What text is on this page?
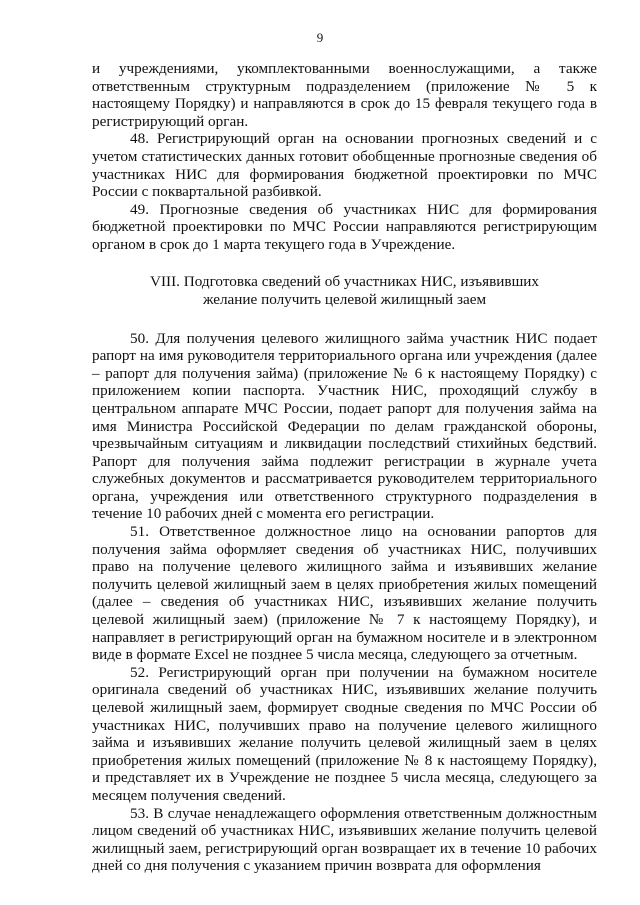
9

и учреждениями, укомплектованными военнослужащими, а также ответственным структурным подразделением (приложение № 5 к настоящему Порядку) и направляются в срок до 15 февраля текущего года в регистрирующий орган.

48. Регистрирующий орган на основании прогнозных сведений и с учетом статистических данных готовит обобщенные прогнозные сведения об участниках НИС для формирования бюджетной проектировки по МЧС России с поквартальной разбивкой.

49. Прогнозные сведения об участниках НИС для формирования бюджетной проектировки по МЧС России направляются регистрирующим органом в срок до 1 марта текущего года в Учреждение.

VIII. Подготовка сведений об участниках НИС, изъявивших
желание получить целевой жилищный заем

50. Для получения целевого жилищного займа участник НИС подает рапорт на имя руководителя территориального органа или учреждения (далее – рапорт для получения займа) (приложение № 6 к настоящему Порядку) с приложением копии паспорта. Участник НИС, проходящий службу в центральном аппарате МЧС России, подает рапорт для получения займа на имя Министра Российской Федерации по делам гражданской обороны, чрезвычайным ситуациям и ликвидации последствий стихийных бедствий. Рапорт для получения займа подлежит регистрации в журнале учета служебных документов и рассматривается руководителем территориального органа, учреждения или ответственного структурного подразделения в течение 10 рабочих дней с момента его регистрации.

51. Ответственное должностное лицо на основании рапортов для получения займа оформляет сведения об участниках НИС, получивших право на получение целевого жилищного займа и изъявивших желание получить целевой жилищный заем в целях приобретения жилых помещений (далее – сведения об участниках НИС, изъявивших желание получить целевой жилищный заем) (приложение № 7 к настоящему Порядку), и направляет в регистрирующий орган на бумажном носителе и в электронном виде в формате Excel не позднее 5 числа месяца, следующего за отчетным.

52. Регистрирующий орган при получении на бумажном носителе оригинала сведений об участниках НИС, изъявивших желание получить целевой жилищный заем, формирует сводные сведения по МЧС России об участниках НИС, получивших право на получение целевого жилищного займа и изъявивших желание получить целевой жилищный заем в целях приобретения жилых помещений (приложение № 8 к настоящему Порядку), и представляет их в Учреждение не позднее 5 числа месяца, следующего за месяцем получения сведений.

53. В случае ненадлежащего оформления ответственным должностным лицом сведений об участниках НИС, изъявивших желание получить целевой жилищный заем, регистрирующий орган возвращает их в течение 10 рабочих дней со дня получения с указанием причин возврата для оформления
